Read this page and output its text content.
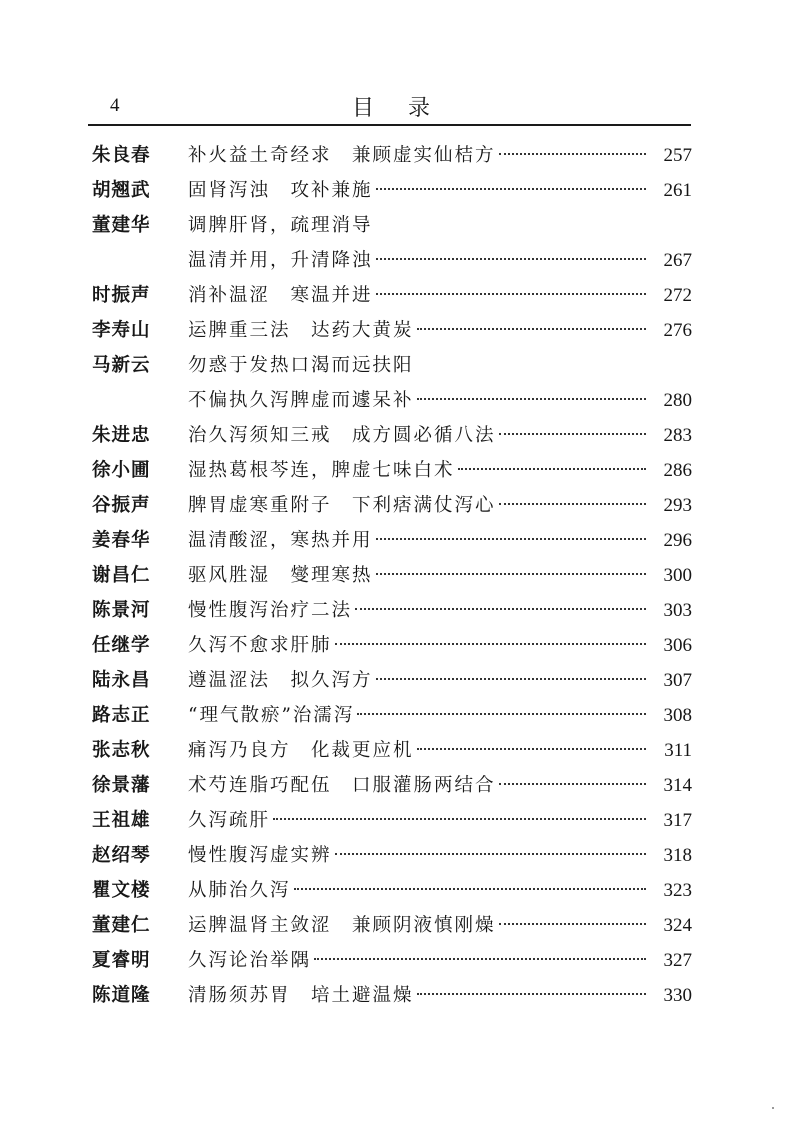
4	目录
朱良春	补火益土奇经求　兼顾虚实仙桔方	257
胡翘武	固肾泻浊　攻补兼施	261
董建华	调脾肝肾，疏理消导
温清并用，升清降浊	267
时振声	消补温涩　寒温并进	272
李寿山	运脾重三法　达药大黄炭	276
马新云	勿惑于发热口渴而远扶阳
不偏执久泻脾虚而遽呆补	280
朱进忠	治久泻须知三戒　成方圆必循八法	283
徐小圃	湿热葛根芩连，脾虚七味白术	286
谷振声	脾胃虚寒重附子　下利痞满仗泻心	293
姜春华	温清酸涩，寒热并用	296
谢昌仁	驱风胜湿　燮理寒热	300
陈景河	慢性腹泻治疗二法	303
任继学	久泻不愈求肝肺	306
陆永昌	遵温涩法　拟久泻方	307
路志正	“理气散瘀”治濡泻	308
张志秋	痛泻乃良方　化裁更应机	311
徐景藩	术芍连脂巧配伍　口服灌肠两结合	314
王祖雄	久泻疏肝	317
赵绍琴	慢性腹泻虚实辨	318
瞿文楼	从肺治久泻	323
董建仁	运脾温肾主敛涩　兼顾阴液慎刚燥	324
夏睿明	久泻论治举隅	327
陈道隆	清肠须苏胃　培土避温燥	330
